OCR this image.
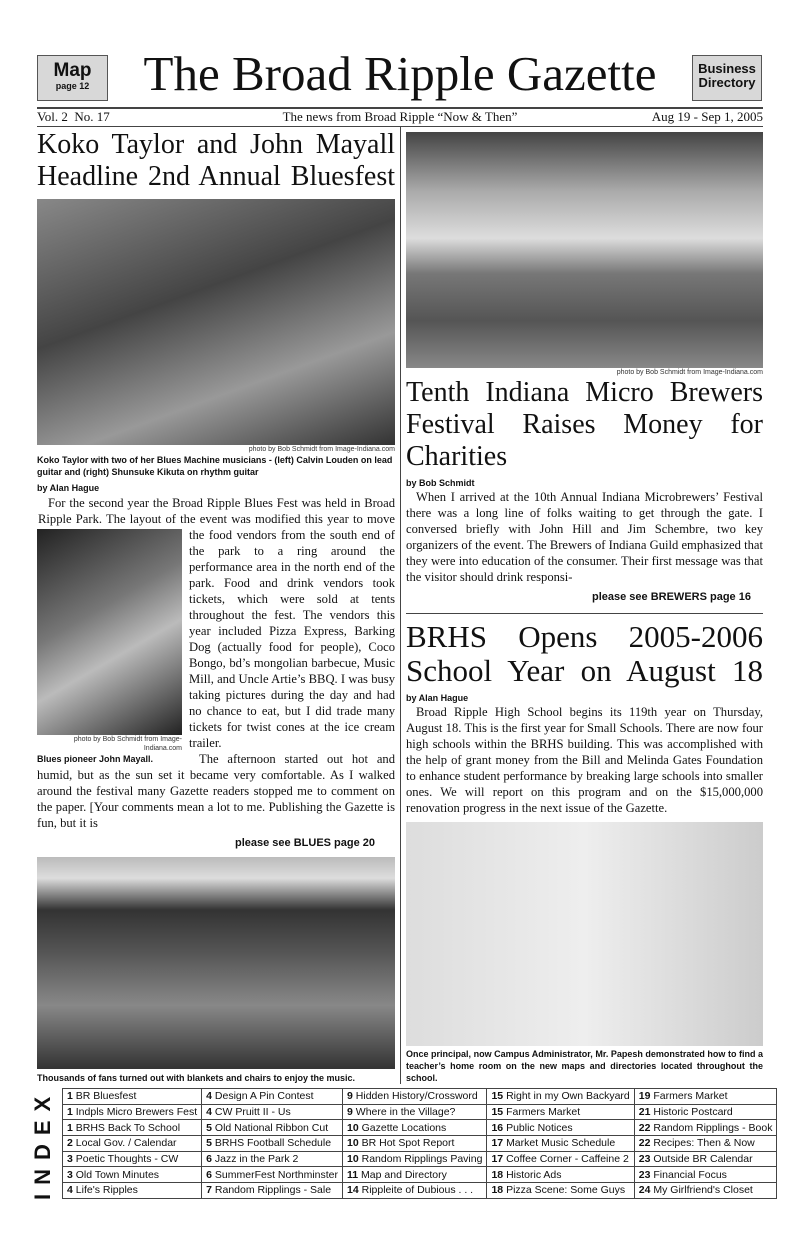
Map
page 12	The Broad Ripple Gazette	Business
Directory
Vol. 2  No. 17	The news from Broad Ripple “Now & Then”	Aug 19 - Sep 1, 2005
Koko Taylor and John Mayall Headline 2nd Annual Bluesfest
photo by Bob Schmidt from Image-Indiana.com
Koko Taylor with two of her Blues Machine musicians - (left) Calvin Louden on lead guitar and (right) Shunsuke Kikuta on rhythm guitar
by Alan Hague
photo by Bob Schmidt from Image-Indiana.com
Blues pioneer John Mayall.

For the second year the Broad Ripple Blues Fest was held in Broad Ripple Park. The layout of the event was modified this year to move the food vendors from the south end of the park to a ring around the performance area in the north end of the park. Food and drink vendors took tickets, which were sold at tents throughout the fest. The vendors this year included Pizza Express, Barking Dog (actually food for people), Coco Bongo, bd’s mongolian barbecue, Music Mill, and Uncle Artie’s BBQ. I was busy taking pictures during the day and had no chance to eat, but I did trade many tickets for twist cones at the ice cream trailer.

The afternoon started out hot and humid, but as the sun set it became very comfortable. As I walked around the festival many Gazette readers stopped me to comment on the paper. [Your comments mean a lot to me. Publishing the Gazette is fun, but it is

please see BLUES page 20
Thousands of fans turned out with blankets and chairs to enjoy the music.
photo by Bob Schmidt from Image-Indiana.com
Tenth Indiana Micro Brewers Festival Raises Money for Charities
by Bob Schmidt

When I arrived at the 10th Annual Indiana Microbrewers’ Festival there was a long line of folks waiting to get through the gate. I conversed briefly with John Hill and Jim Schembre, two key organizers of the event. The Brewers of Indiana Guild emphasized that they were into education of the consumer. Their first message was that the visitor should drink responsi-

please see BREWERS page 16
BRHS Opens 2005-2006 School Year on August 18
by Alan Hague

Broad Ripple High School begins its 119th year on Thursday, August 18. This is the first year for Small Schools. There are now four high schools within the BRHS building. This was accomplished with the help of grant money from the Bill and Melinda Gates Foundation to enhance student performance by breaking large schools into smaller ones. We will report on this program and on the $15,000,000 renovation progress in the next issue of the Gazette.

Once principal, now Campus Administrator, Mr. Papesh demonstrated how to find a teacher’s home room on the new maps and directories located throughout the school.
INDEX 1 BR Bluesfest	4 Design A Pin Contest	9 Hidden History/Crossword	15 Right in my Own Backyard	19 Farmers Market
1 Indpls Micro Brewers Fest	4 CW Pruitt II - Us	9 Where in the Village?	15 Farmers Market	21 Historic Postcard
1 BRHS Back To School	5 Old National Ribbon Cut	10 Gazette Locations	16 Public Notices	22 Random Ripplings - Book
2 Local Gov. / Calendar	5 BRHS Football Schedule	10 BR Hot Spot Report	17 Market Music Schedule	22 Recipes: Then & Now
3 Poetic Thoughts - CW	6 Jazz in the Park 2	10 Random Ripplings Paving	17 Coffee Corner - Caffeine 2	23 Outside BR Calendar
3 Old Town Minutes	6 SummerFest Northminster	11 Map and Directory	18 Historic Ads	23 Financial Focus
4 Life's Ripples	7 Random Ripplings - Sale	14 Rippleite of Dubious . . .	18 Pizza Scene: Some Guys	24 My Girlfriend's Closet
